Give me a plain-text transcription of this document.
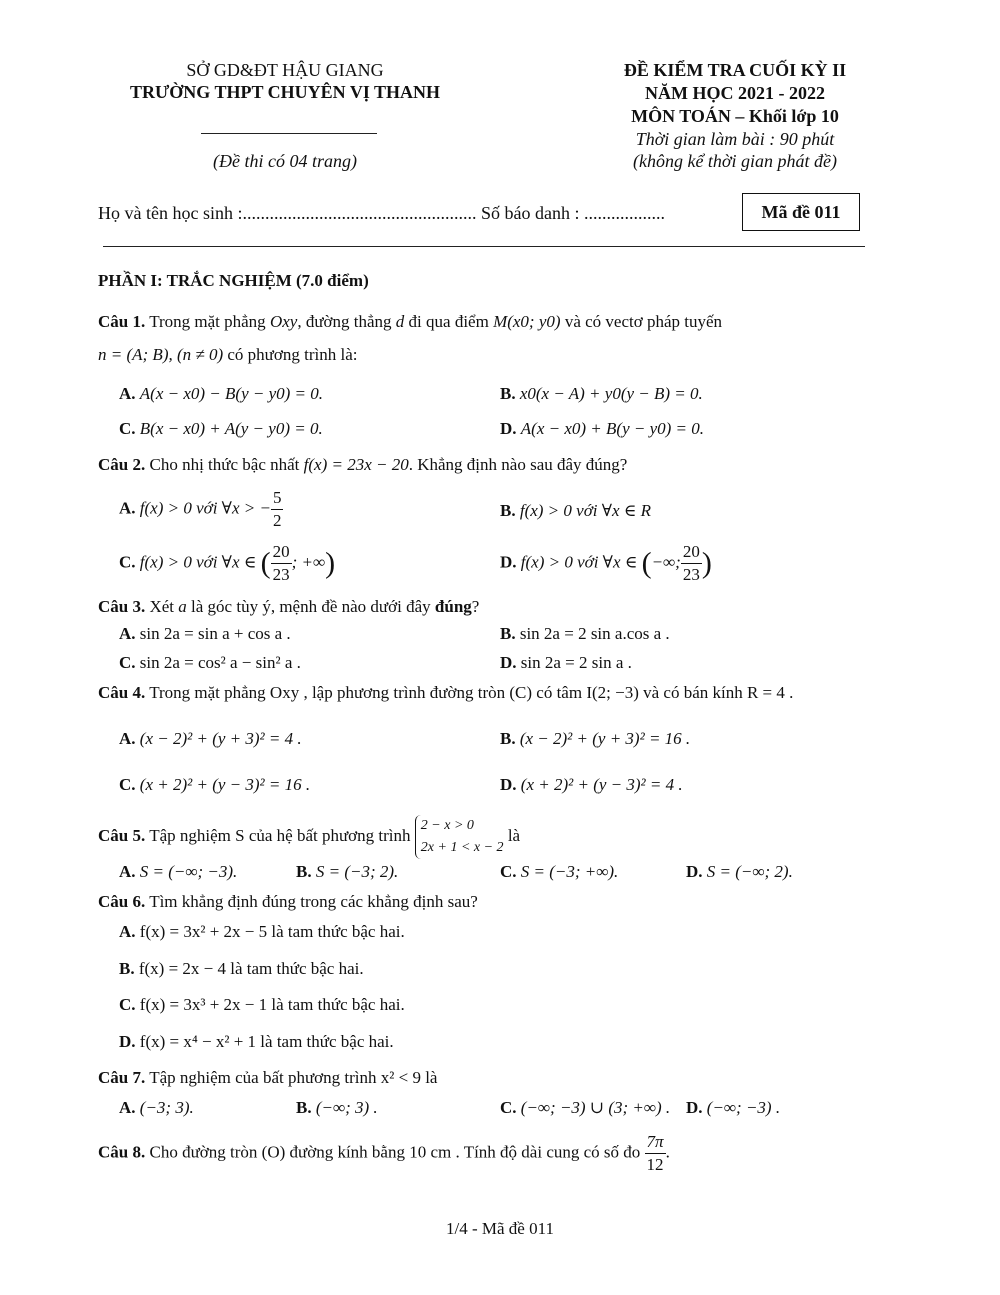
SỞ GD&ĐT HẬU GIANG
TRƯỜNG THPT CHUYÊN VỊ THANH
(Đề thi có 04 trang)
ĐỀ KIỂM TRA CUỐI KỲ II
NĂM HỌC 2021 - 2022
MÔN TOÁN – Khối lớp 10
Thời gian làm bài : 90 phút
(không kể thời gian phát đề)
Họ và tên học sinh :.................................................... Số báo danh : ..................	Mã đề 011
PHẦN I: TRẮC NGHIỆM (7.0 điểm)
Câu 1. Trong mặt phẳng Oxy, đường thẳng d đi qua điểm M(x0; y0) và có vectơ pháp tuyến
n = (A; B), (n ≠ 0) có phương trình là:
A. A(x − x0) − B(y − y0) = 0.	B. x0(x − A) + y0(y − B) = 0.
C. B(x − x0) + A(y − y0) = 0.	D. A(x − x0) + B(y − y0) = 0.
Câu 2. Cho nhị thức bậc nhất f(x) = 23x − 20. Khẳng định nào sau đây đúng?
A. f(x) > 0 với ∀x > − $\frac{5}{2}$	B. f(x) > 0 với ∀x ∈ R
C. f(x) > 0 với ∀x ∈ ( $\frac{20}{23}$ ; +∞)	D. f(x) > 0 với ∀x ∈ (−∞; $\frac{20}{23}$ )
Câu 3. Xét a là góc tùy ý, mệnh đề nào dưới đây đúng?
A. sin 2a = sin a + cos a .	B. sin 2a = 2 sin a.cos a .
C. sin 2a = cos² a − sin² a .	D. sin 2a = 2 sin a .
Câu 4. Trong mặt phẳng Oxy , lập phương trình đường tròn (C) có tâm I(2; −3) và có bán kính R = 4 .
A. (x − 2)² + (y + 3)² = 4 .	B. (x − 2)² + (y + 3)² = 16 .
C. (x + 2)² + (y − 3)² = 16 .	D. (x + 2)² + (y − 3)² = 4 .
Câu 5. Tập nghiệm S của hệ bất phương trình
2 − x > 0
2x + 1 < x − 2
là
A. S = (−∞; −3).	B. S = (−3; 2).	C. S = (−3; +∞).	D. S = (−∞; 2).
Câu 6. Tìm khẳng định đúng trong các khẳng định sau?
A. f(x) = 3x² + 2x − 5 là tam thức bậc hai.
B. f(x) = 2x − 4 là tam thức bậc hai.
C. f(x) = 3x³ + 2x − 1 là tam thức bậc hai.
D. f(x) = x⁴ − x² + 1 là tam thức bậc hai.
Câu 7. Tập nghiệm của bất phương trình x² < 9 là
A. (−3; 3).	B. (−∞; 3) .	C. (−∞; −3) ∪ (3; +∞) . D. (−∞; −3) .
Câu 8. Cho đường tròn (O) đường kính bằng 10 cm . Tính độ dài cung có số đo $\frac{7\pi}{12}$ .
1/4 - Mã đề 011
